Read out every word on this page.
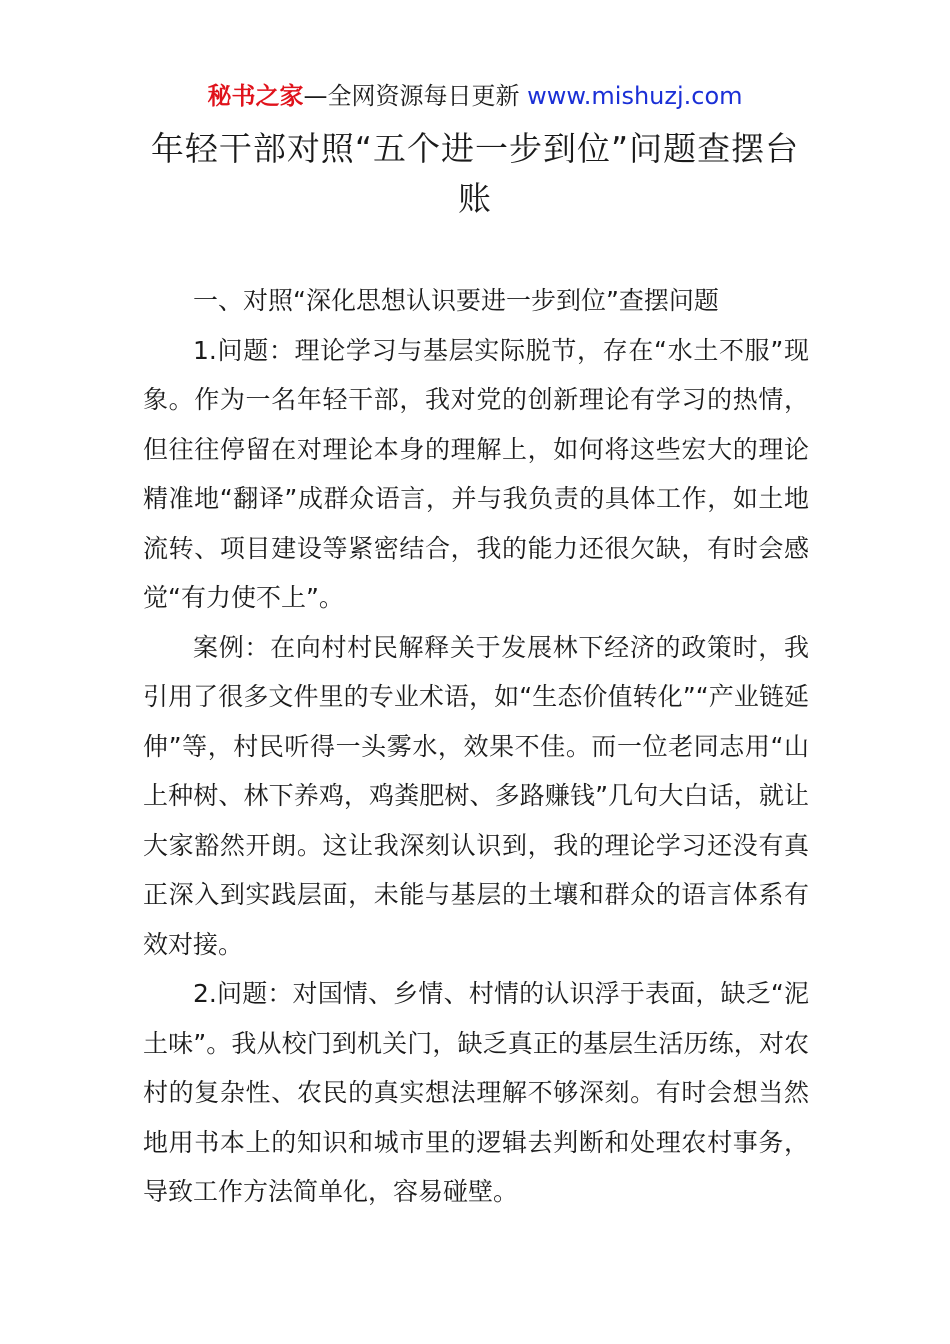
秘书之家—全网资源每日更新 www.mishuzj.com
年轻干部对照“五个进一步到位”问题查摆台账

一、对照“深化思想认识要进一步到位”查摆问题

1.问题：理论学习与基层实际脱节，存在“水土不服”现象。作为一名年轻干部，我对党的创新理论有学习的热情，但往往停留在对理论本身的理解上，如何将这些宏大的理论精准地“翻译”成群众语言，并与我负责的具体工作，如土地流转、项目建设等紧密结合，我的能力还很欠缺，有时会感觉“有力使不上”。

案例：在向村村民解释关于发展林下经济的政策时，我引用了很多文件里的专业术语，如“生态价值转化”“产业链延伸”等，村民听得一头雾水，效果不佳。而一位老同志用“山上种树、林下养鸡，鸡粪肥树、多路赚钱”几句大白话，就让大家豁然开朗。这让我深刻认识到，我的理论学习还没有真正深入到实践层面，未能与基层的土壤和群众的语言体系有效对接。

2.问题：对国情、乡情、村情的认识浮于表面，缺乏“泥土味”。我从校门到机关门，缺乏真正的基层生活历练，对农村的复杂性、农民的真实想法理解不够深刻。有时会想当然地用书本上的知识和城市里的逻辑去判断和处理农村事务，导致工作方法简单化，容易碰壁。
